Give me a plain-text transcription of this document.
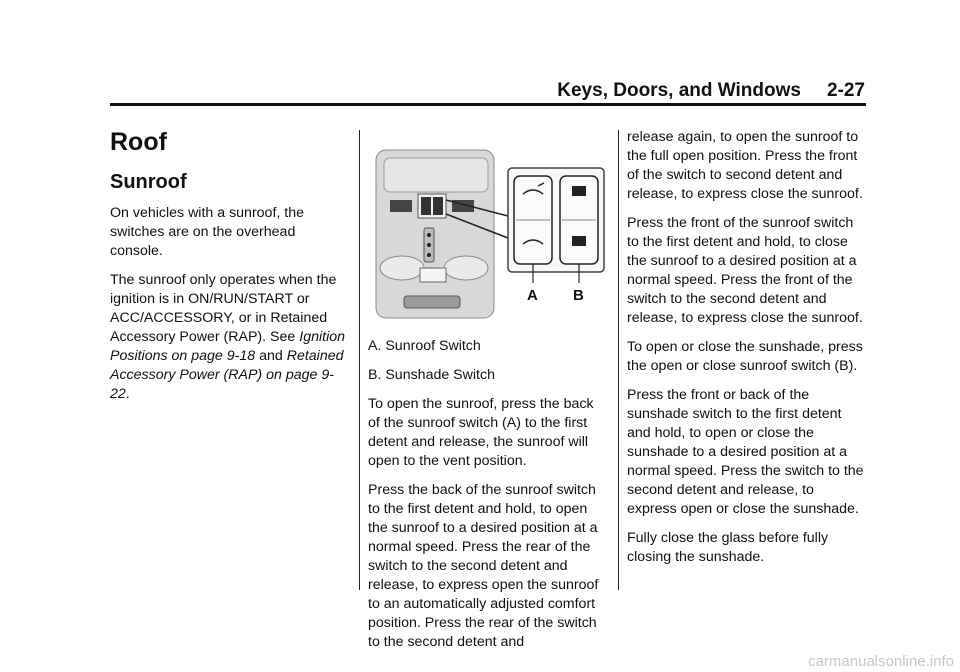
Keys, Doors, and Windows 2-27
Roof
Sunroof

On vehicles with a sunroof, the switches are on the overhead console.

The sunroof only operates when the ignition is in ON/RUN/START or ACC/ACCESSORY, or in Retained Accessory Power (RAP). See Ignition Positions on page 9-18 and Retained Accessory Power (RAP) on page 9-22.

A B

A. Sunroof Switch

B. Sunshade Switch

To open the sunroof, press the back of the sunroof switch (A) to the first detent and release, the sunroof will open to the vent position.

Press the back of the sunroof switch to the first detent and hold, to open the sunroof to a desired position at a normal speed. Press the rear of the switch to the second detent and release, to express open the sunroof to an automatically adjusted comfort position. Press the rear of the switch to the second detent and

release again, to open the sunroof to the full open position. Press the front of the switch to second detent and release, to express close the sunroof.

Press the front of the sunroof switch to the first detent and hold, to close the sunroof to a desired position at a normal speed. Press the front of the switch to the second detent and release, to express close the sunroof.

To open or close the sunshade, press the open or close sunroof switch (B).

Press the front or back of the sunshade switch to the first detent and hold, to open or close the sunshade to a desired position at a normal speed. Press the switch to the second detent and release, to express open or close the sunshade.

Fully close the glass before fully closing the sunshade.

carmanualsonline.info
